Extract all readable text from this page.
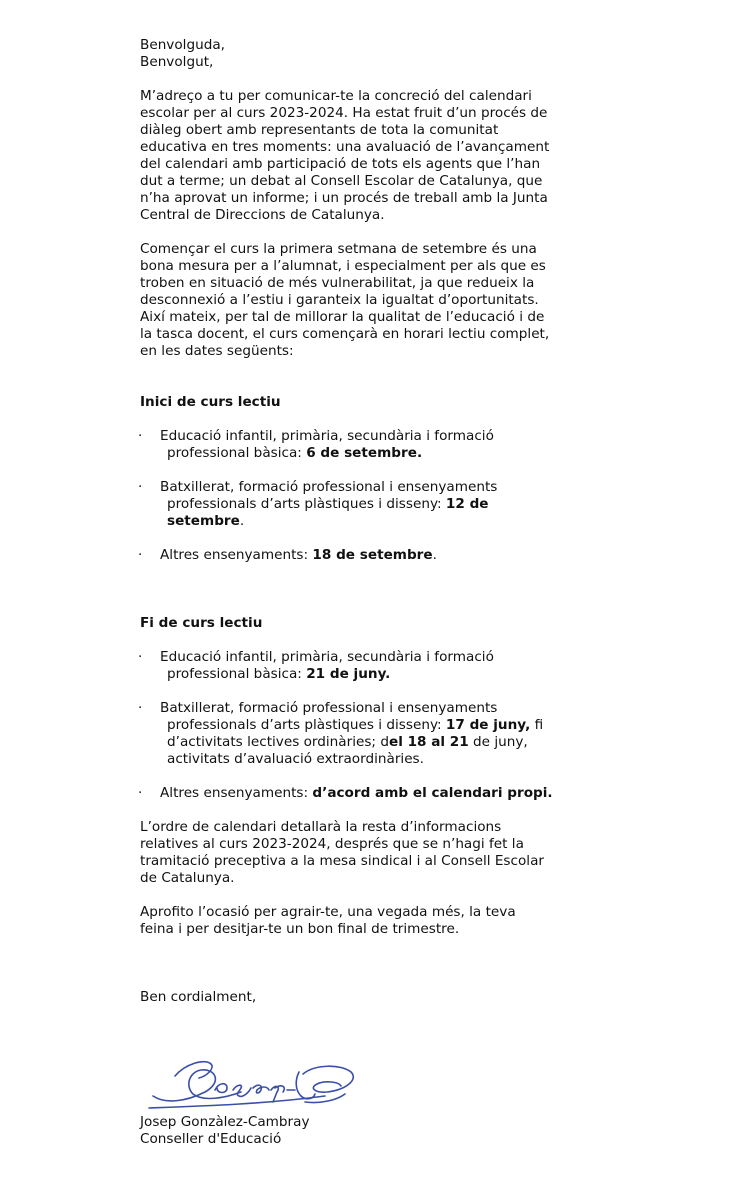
Benvolguda,

Benvolgut,

M’adreço a tu per comunicar-te la concreció del calendari

escolar per al curs 2023-2024. Ha estat fruit d’un procés de

diàleg obert amb representants de tota la comunitat

educativa en tres moments: una avaluació de l’avançament

del calendari amb participació de tots els agents que l’han

dut a terme; un debat al Consell Escolar de Catalunya, que

n’ha aprovat un informe; i un procés de treball amb la Junta

Central de Direccions de Catalunya.

Començar el curs la primera setmana de setembre és una

bona mesura per a l’alumnat, i especialment per als que es

troben en situació de més vulnerabilitat, ja que redueix la

desconnexió a l’estiu i garanteix la igualtat d’oportunitats.

Així mateix, per tal de millorar la qualitat de l’educació i de

la tasca docent, el curs començarà en horari lectiu complet,

en les dates següents:

Inici de curs lectiu

· Educació infantil, primària, secundària i formació

professional bàsica: 6 de setembre.

· Batxillerat, formació professional i ensenyaments

professionals d’arts plàstiques i disseny: 12 de

setembre.

· Altres ensenyaments: 18 de setembre.

Fi de curs lectiu

· Educació infantil, primària, secundària i formació

professional bàsica: 21 de juny.

· Batxillerat, formació professional i ensenyaments

professionals d’arts plàstiques i disseny: 17 de juny, fi

d’activitats lectives ordinàries; del 18 al 21 de juny,

activitats d’avaluació extraordinàries.

· Altres ensenyaments: d’acord amb el calendari propi.

L’ordre de calendari detallarà la resta d’informacions

relatives al curs 2023-2024, després que se n’hagi fet la

tramitació preceptiva a la mesa sindical i al Consell Escolar

de Catalunya.

Aprofito l’ocasió per agrair-te, una vegada més, la teva

feina i per desitjar-te un bon final de trimestre.

Ben cordialment,

Josep Gonzàlez-Cambray

Conseller d'Educació
